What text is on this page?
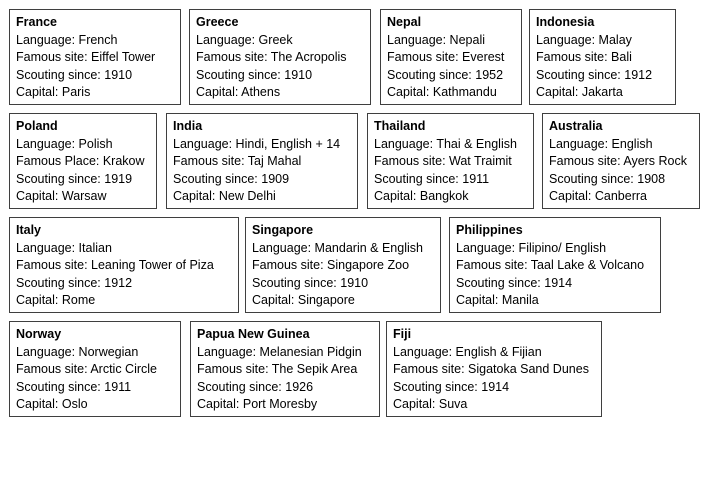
France
Language: French
Famous site: Eiffel Tower
Scouting since: 1910
Capital: Paris
Greece
Language: Greek
Famous site: The Acropolis
Scouting since: 1910
Capital: Athens
Nepal
Language: Nepali
Famous site: Everest
Scouting since: 1952
Capital: Kathmandu
Indonesia
Language: Malay
Famous site: Bali
Scouting since: 1912
Capital: Jakarta
Poland
Language: Polish
Famous Place: Krakow
Scouting since: 1919
Capital: Warsaw
India
Language: Hindi, English + 14
Famous site: Taj Mahal
Scouting since: 1909
Capital: New Delhi
Thailand
Language: Thai & English
Famous site: Wat Traimit
Scouting since: 1911
Capital: Bangkok
Australia
Language: English
Famous site: Ayers Rock
Scouting since: 1908
Capital: Canberra
Italy
Language: Italian
Famous site: Leaning Tower of Piza
Scouting since: 1912
Capital: Rome
Singapore
Language: Mandarin & English
Famous site: Singapore Zoo
Scouting since: 1910
Capital: Singapore
Philippines
Language: Filipino/ English
Famous site: Taal Lake & Volcano
Scouting since: 1914
Capital: Manila
Norway
Language: Norwegian
Famous site: Arctic Circle
Scouting since: 1911
Capital: Oslo
Papua New Guinea
Language: Melanesian Pidgin
Famous site: The Sepik Area
Scouting since: 1926
Capital: Port Moresby
Fiji
Language: English & Fijian
Famous site: Sigatoka Sand Dunes
Scouting since: 1914
Capital: Suva
